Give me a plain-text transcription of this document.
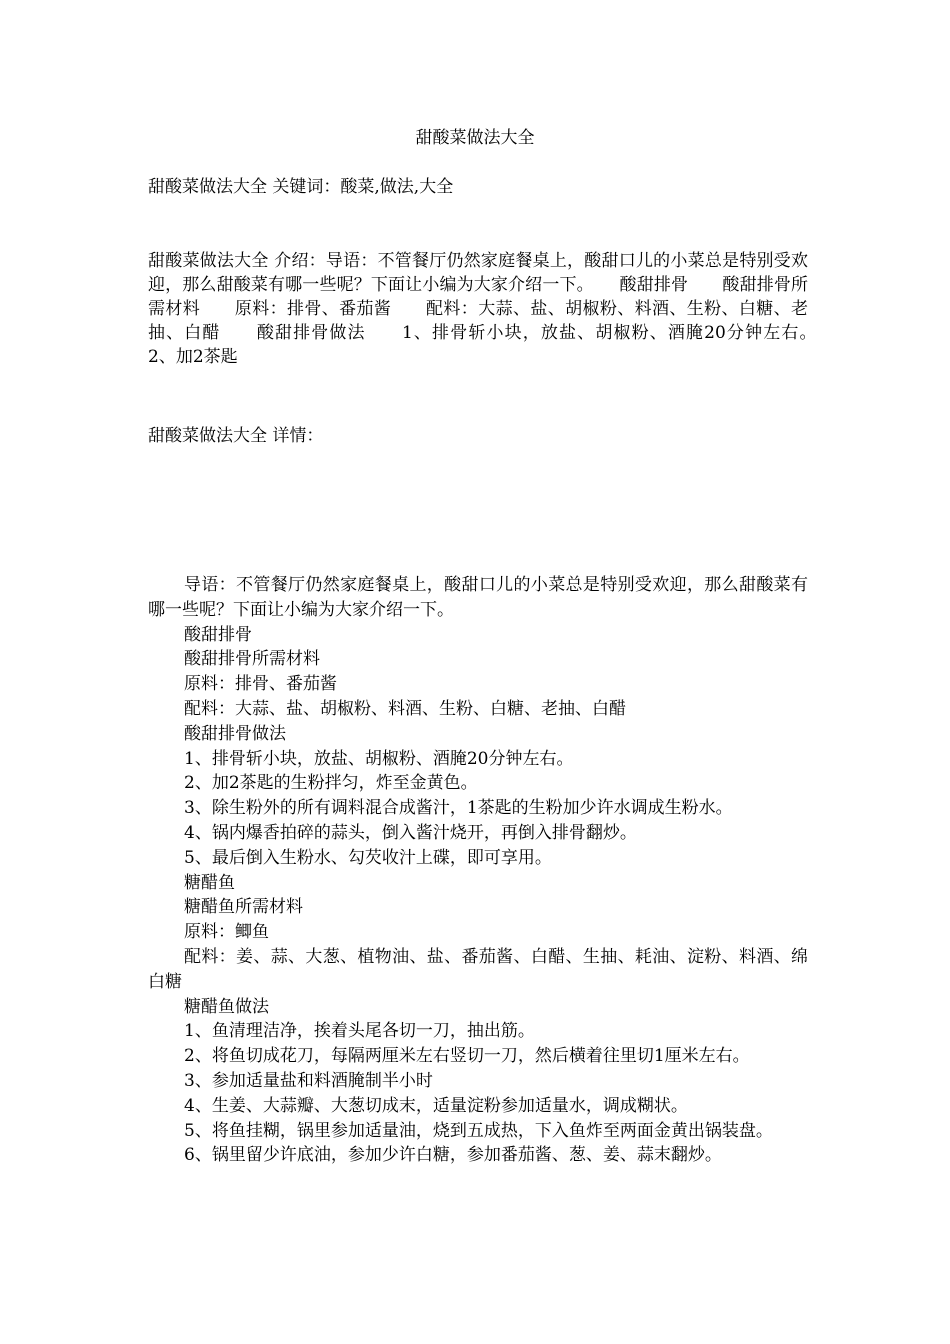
甜酸菜做法大全
甜酸菜做法大全 关键词：酸菜,做法,大全
甜酸菜做法大全 介绍：导语：不管餐厅仍然家庭餐桌上，酸甜口儿的小菜总是特别受欢迎，那么甜酸菜有哪一些呢？下面让小编为大家介绍一下。　　酸甜排骨　　酸甜排骨所需材料　　原料：排骨、番茄酱　　配料：大蒜、盐、胡椒粉、料酒、生粉、白糖、老抽、白醋　　酸甜排骨做法　　1、排骨斩小块，放盐、胡椒粉、酒腌20分钟左右。　　2、加2茶匙
甜酸菜做法大全 详情：

导语：不管餐厅仍然家庭餐桌上，酸甜口儿的小菜总是特别受欢迎，那么甜酸菜有哪一些呢？下面让小编为大家介绍一下。

酸甜排骨

酸甜排骨所需材料

原料：排骨、番茄酱

配料：大蒜、盐、胡椒粉、料酒、生粉、白糖、老抽、白醋

酸甜排骨做法

1、排骨斩小块，放盐、胡椒粉、酒腌20分钟左右。

2、加2茶匙的生粉拌匀，炸至金黄色。

3、除生粉外的所有调料混合成酱汁，1茶匙的生粉加少许水调成生粉水。

4、锅内爆香拍碎的蒜头，倒入酱汁烧开，再倒入排骨翻炒。

5、最后倒入生粉水、勾芡收汁上碟，即可享用。

糖醋鱼

糖醋鱼所需材料

原料：鲫鱼

配料：姜、蒜、大葱、植物油、盐、番茄酱、白醋、生抽、耗油、淀粉、料酒、绵白糖

糖醋鱼做法

1、鱼清理洁净，挨着头尾各切一刀，抽出筋。

2、将鱼切成花刀，每隔两厘米左右竖切一刀，然后横着往里切1厘米左右。

3、参加适量盐和料酒腌制半小时

4、生姜、大蒜瓣、大葱切成末，适量淀粉参加适量水，调成糊状。

5、将鱼挂糊，锅里参加适量油，烧到五成热，下入鱼炸至两面金黄出锅装盘。

6、锅里留少许底油，参加少许白糖，参加番茄酱、葱、姜、蒜末翻炒。
